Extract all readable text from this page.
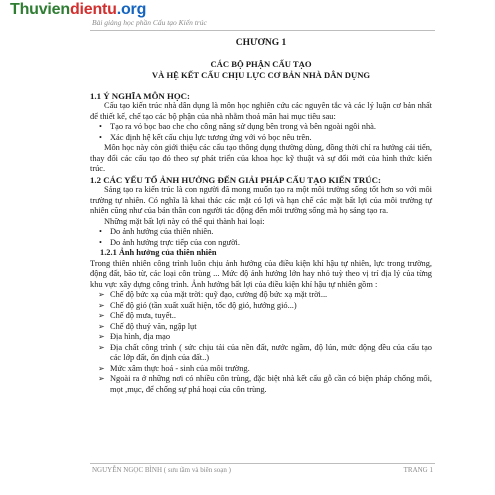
Thuviendientu.org
Bài giảng học phần Cấu tạo Kiến trúc
CHƯƠNG 1
CÁC BỘ PHẬN CẤU TẠO
VÀ HỆ KẾT CẤU CHỊU LỰC CƠ BẢN NHÀ DÂN DỤNG
1.1 Ý NGHĨA MÔN HỌC:
Cấu tạo kiến trúc nhà dân dụng là môn học nghiên cứu các nguyên tắc và các lý luận cơ bản nhất để thiết kế, chế tạo các bộ phận của nhà nhằm thoả mãn hai mục tiêu sau:
• Tạo ra vỏ bọc bao che cho công năng sử dụng bên trong và bên ngoài ngôi nhà.
• Xác định hệ kết cấu chịu lực tương ứng với vỏ bọc nêu trên.
Môn học này còn giới thiệu các cấu tạo thông dụng thường dùng, đồng thời chỉ ra hướng cải tiến, thay đổi các cấu tạo đó theo sự phát triển của khoa học kỹ thuật và sự đổi mới của hình thức kiến trúc.
1.2 CÁC YẾU TỐ ẢNH HƯỞNG ĐẾN GIẢI PHÁP CẤU TẠO KIẾN TRÚC:
Sáng tạo ra kiến trúc là con người đã mong muốn tạo ra một môi trường sống tốt hơn so với môi trường tự nhiên. Có nghĩa là khai thác các mặt có lợi và hạn chế các mặt bất lợi của môi trường tự nhiên cũng như của bản thân con người tác động đến môi trường sống mà họ sáng tạo ra.
Những mặt bất lợi này có thể qui thành hai loại:
• Do ảnh hưởng của thiên nhiên.
• Do ảnh hưởng trực tiếp của con người.
1.2.1 Ảnh hưởng của thiên nhiên
Trong thiên nhiên công trình luôn chịu ảnh hưởng của điều kiện khí hậu tự nhiên, lực trong trường, động đất, bão từ, các loại côn trùng ... Mức độ ảnh hưởng lớn hay nhỏ tuỳ theo vị trí địa lý của từng khu vực xây dựng công trình. Ảnh hưởng bất lợi của điều kiện khí hậu tự nhiên gồm :
➢ Chế độ bức xạ của mặt trời: quỹ đạo, cường độ bức xạ mặt trời...
➢ Chế độ gió (tần xuất xuất hiện, tốc độ gió, hướng gió...)
➢ Chế độ mưa, tuyết..
➢ Chế độ thuỷ văn, ngập lụt
➢ Địa hình, địa mạo
➢ Địa chất công trình ( sức chịu tải của nền đất, nước ngầm, độ lún, mức động đều của cấu tạo các lớp đất, ổn định của đất..)
➢ Mức xâm thực hoá - sinh của môi trường.
➢ Ngoài ra ở những nơi có nhiều côn trùng, đặc biệt nhà kết cấu gỗ cần có biện pháp chống mối, mọt ,mục, để chống sự phá hoại của côn trùng.
NGUYỄN NGỌC BÌNH ( sưu tầm và biên soạn )	TRANG 1
